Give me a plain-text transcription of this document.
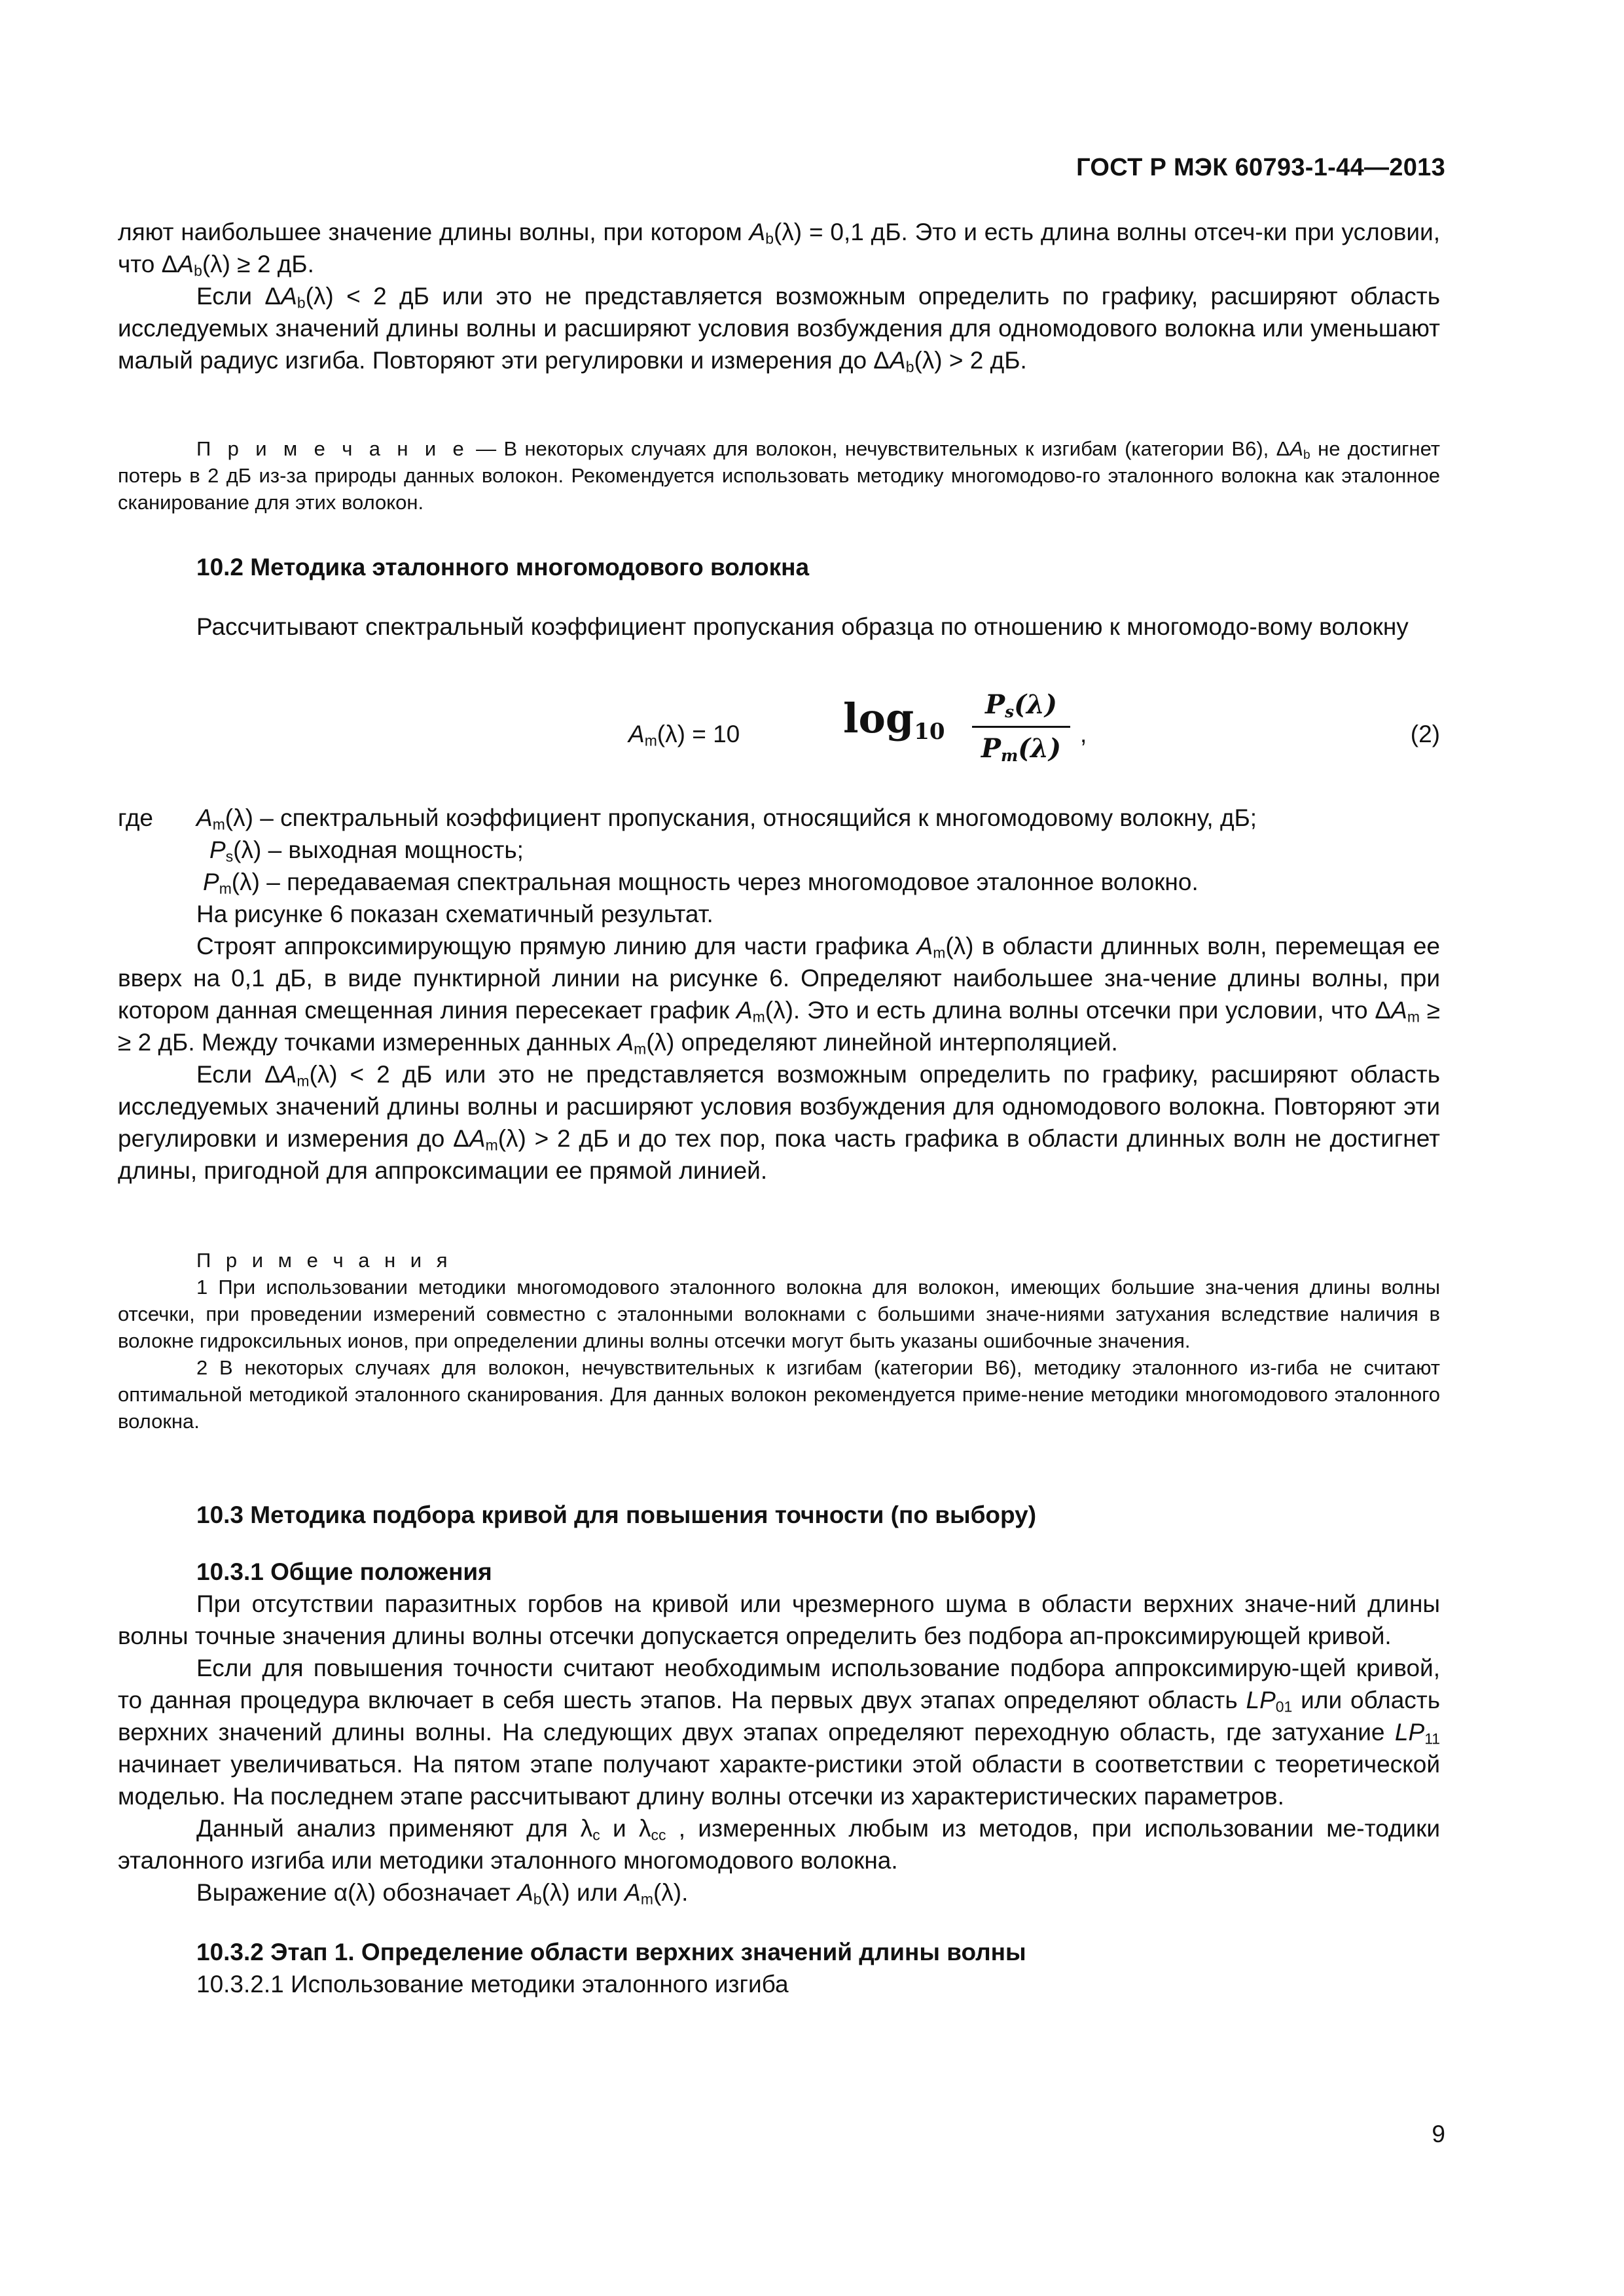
ГОСТ Р МЭК 60793-1-44—2013

ляют наибольшее значение длины волны, при котором $A_b(\lambda) = 0,1$ дБ. Это и есть длина волны отсеч-ки при условии, что $\Delta A_b(\lambda) \ge 2$ дБ.

Если $\Delta A_b(\lambda) < 2$ дБ или это не представляется возможным определить по графику, расширяют область исследуемых значений длины волны и расширяют условия возбуждения для одномодового волокна или уменьшают малый радиус изгиба. Повторяют эти регулировки и измерения до $\Delta A_b(\lambda) > 2$ дБ.

П р и м е ч а н и е — В некоторых случаях для волокон, нечувствительных к изгибам (категории В6), $\Delta A_b$ не достигнет потерь в 2 дБ из-за природы данных волокон. Рекомендуется использовать методику многомодово-го эталонного волокна как эталонное сканирование для этих волокон.

10.2 Методика эталонного многомодового волокна

Рассчитывают спектральный коэффициент пропускания образца по отношению к многомодо-вому волокну

$A_m(\lambda) = 10$	$\log_{10}$
$P_s(\lambda)$
$P_m(\lambda)$ ,	(2)
где $A_m(\lambda)$ – спектральный коэффициент пропускания, относящийся к многомодовому волокну, дБ;
$P_s(\lambda)$ – выходная мощность;
$P_m(\lambda)$ – передаваемая спектральная мощность через многомодовое эталонное волокно.

На рисунке 6 показан схематичный результат.

Строят аппроксимирующую прямую линию для части графика $A_m(\lambda)$ в области длинных волн, перемещая ее вверх на 0,1 дБ, в виде пунктирной линии на рисунке 6. Определяют наибольшее зна-чение длины волны, при котором данная смещенная линия пересекает график $A_m(\lambda)$. Это и есть длина волны отсечки при условии, что $\Delta A_m$ ≥ ≥ 2 дБ. Между точками измеренных данных $A_m(\lambda)$ определяют линейной интерполяцией.

Если $\Delta A_m(\lambda) < 2$ дБ или это не представляется возможным определить по графику, расширяют область исследуемых значений длины волны и расширяют условия возбуждения для одномодового волокна. Повторяют эти регулировки и измерения до $\Delta A_m(\lambda) > 2$ дБ и до тех пор, пока часть графика в области длинных волн не достигнет длины, пригодной для аппроксимации ее прямой линией.

П р и м е ч а н и я

1 При использовании методики многомодового эталонного волокна для волокон, имеющих большие зна-чения длины волны отсечки, при проведении измерений совместно с эталонными волокнами с большими значе-ниями затухания вследствие наличия в волокне гидроксильных ионов, при определении длины волны отсечки могут быть указаны ошибочные значения.

2 В некоторых случаях для волокон, нечувствительных к изгибам (категории В6), методику эталонного из-гиба не считают оптимальной методикой эталонного сканирования. Для данных волокон рекомендуется приме-нение методики многомодового эталонного волокна.

10.3 Методика подбора кривой для повышения точности (по выбору)

10.3.1 Общие положения

При отсутствии паразитных горбов на кривой или чрезмерного шума в области верхних значе-ний длины волны точные значения длины волны отсечки допускается определить без подбора ап-проксимирующей кривой.

Если для повышения точности считают необходимым использование подбора аппроксимирую-щей кривой, то данная процедура включает в себя шесть этапов. На первых двух этапах определяют область $LP_{01}$ или область верхних значений длины волны. На следующих двух этапах определяют переходную область, где затухание $LP_{11}$ начинает увеличиваться. На пятом этапе получают характе-ристики этой области в соответствии с теоретической моделью. На последнем этапе рассчитывают длину волны отсечки из характеристических параметров.

Данный анализ применяют для $\lambda_c$ и $\lambda_{cc}$ , измеренных любым из методов, при использовании ме-тодики эталонного изгиба или методики эталонного многомодового волокна.

Выражение α(λ) обозначает $A_b(\lambda)$ или $A_m(\lambda)$.

10.3.2 Этап 1. Определение области верхних значений длины волны

10.3.2.1 Использование методики эталонного изгиба

9
